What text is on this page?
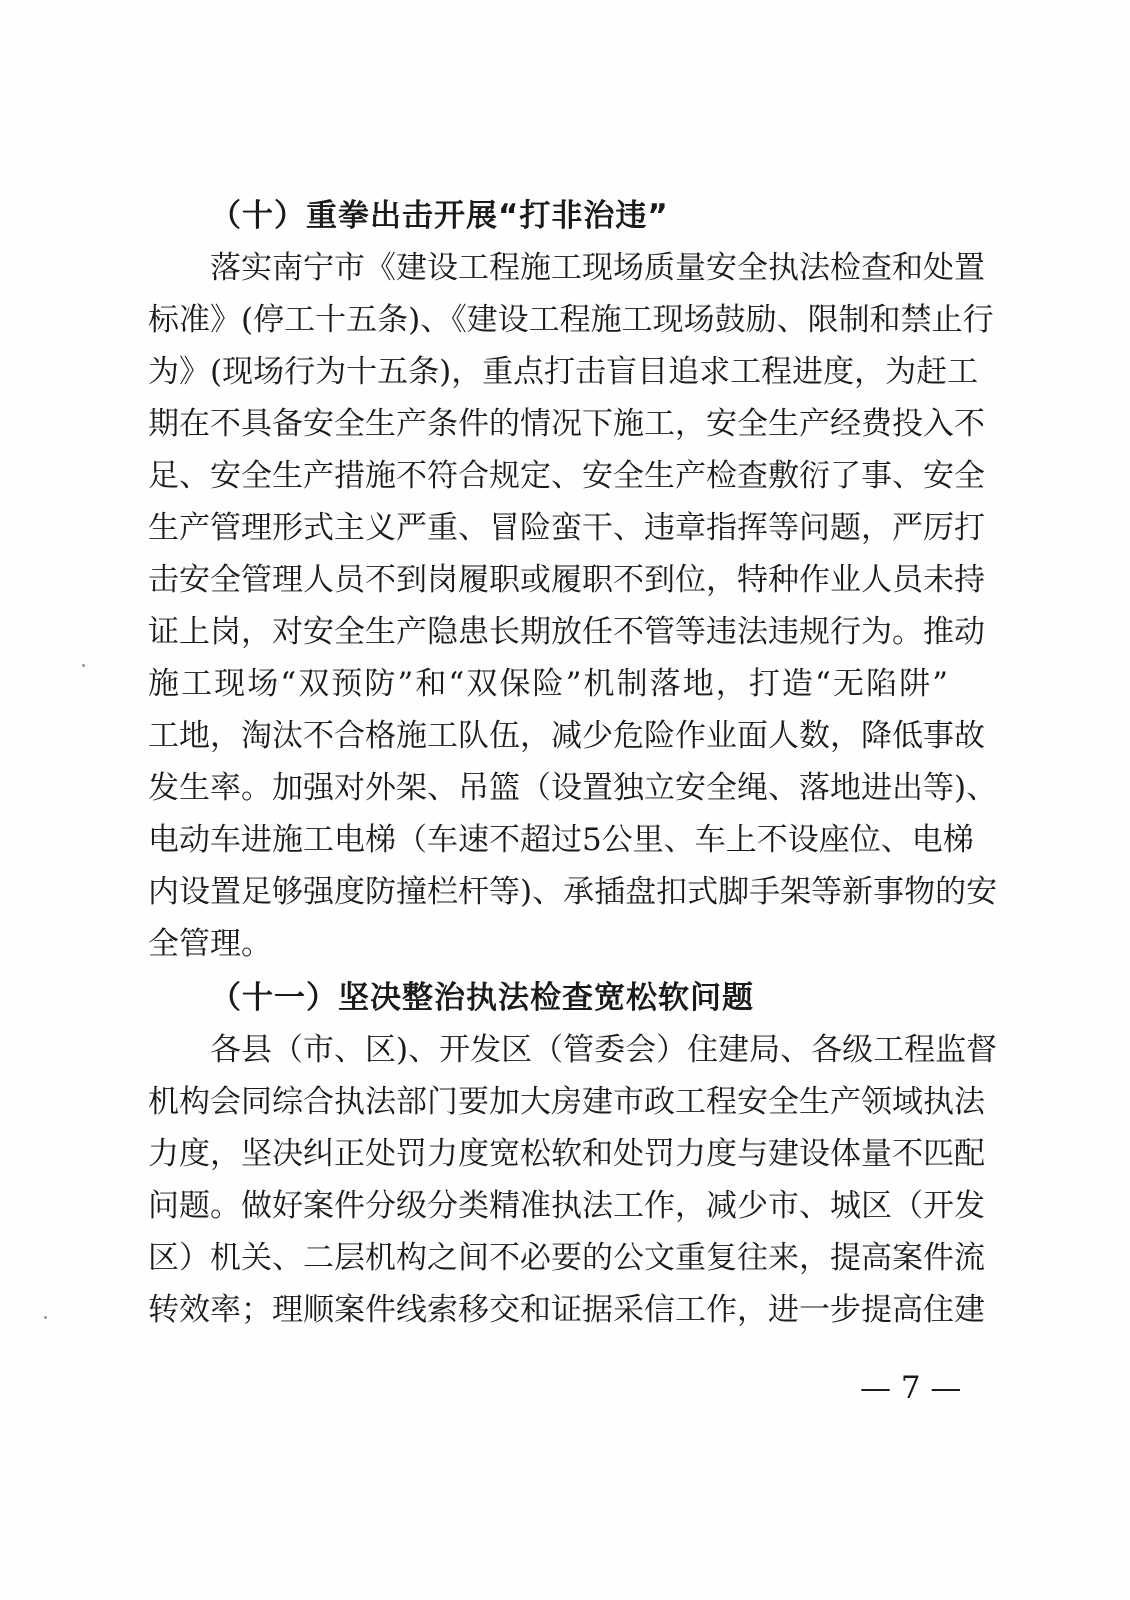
（十）重拳出击开展“打非治违”
落实南宁市《建设工程施工现场质量安全执法检查和处置
标准》(停工十五条)、《建设工程施工现场鼓励、限制和禁止行
为》(现场行为十五条)，重点打击盲目追求工程进度，为赶工
期在不具备安全生产条件的情况下施工，安全生产经费投入不
足、安全生产措施不符合规定、安全生产检查敷衍了事、安全
生产管理形式主义严重、冒险蛮干、违章指挥等问题，严厉打
击安全管理人员不到岗履职或履职不到位，特种作业人员未持
证上岗，对安全生产隐患长期放任不管等违法违规行为。推动
施工现场“双预防”和“双保险”机制落地，打造“无陷阱”
工地，淘汰不合格施工队伍，减少危险作业面人数，降低事故
发生率。加强对外架、吊篮（设置独立安全绳、落地进出等)、
电动车进施工电梯（车速不超过5公里、车上不设座位、电梯
内设置足够强度防撞栏杆等)、承插盘扣式脚手架等新事物的安
全管理。
（十一）坚决整治执法检查宽松软问题
各县（市、区)、开发区（管委会）住建局、各级工程监督
机构会同综合执法部门要加大房建市政工程安全生产领域执法
力度，坚决纠正处罚力度宽松软和处罚力度与建设体量不匹配
问题。做好案件分级分类精准执法工作，减少市、城区（开发
区）机关、二层机构之间不必要的公文重复往来，提高案件流
转效率；理顺案件线索移交和证据采信工作，进一步提高住建
— 7 —
